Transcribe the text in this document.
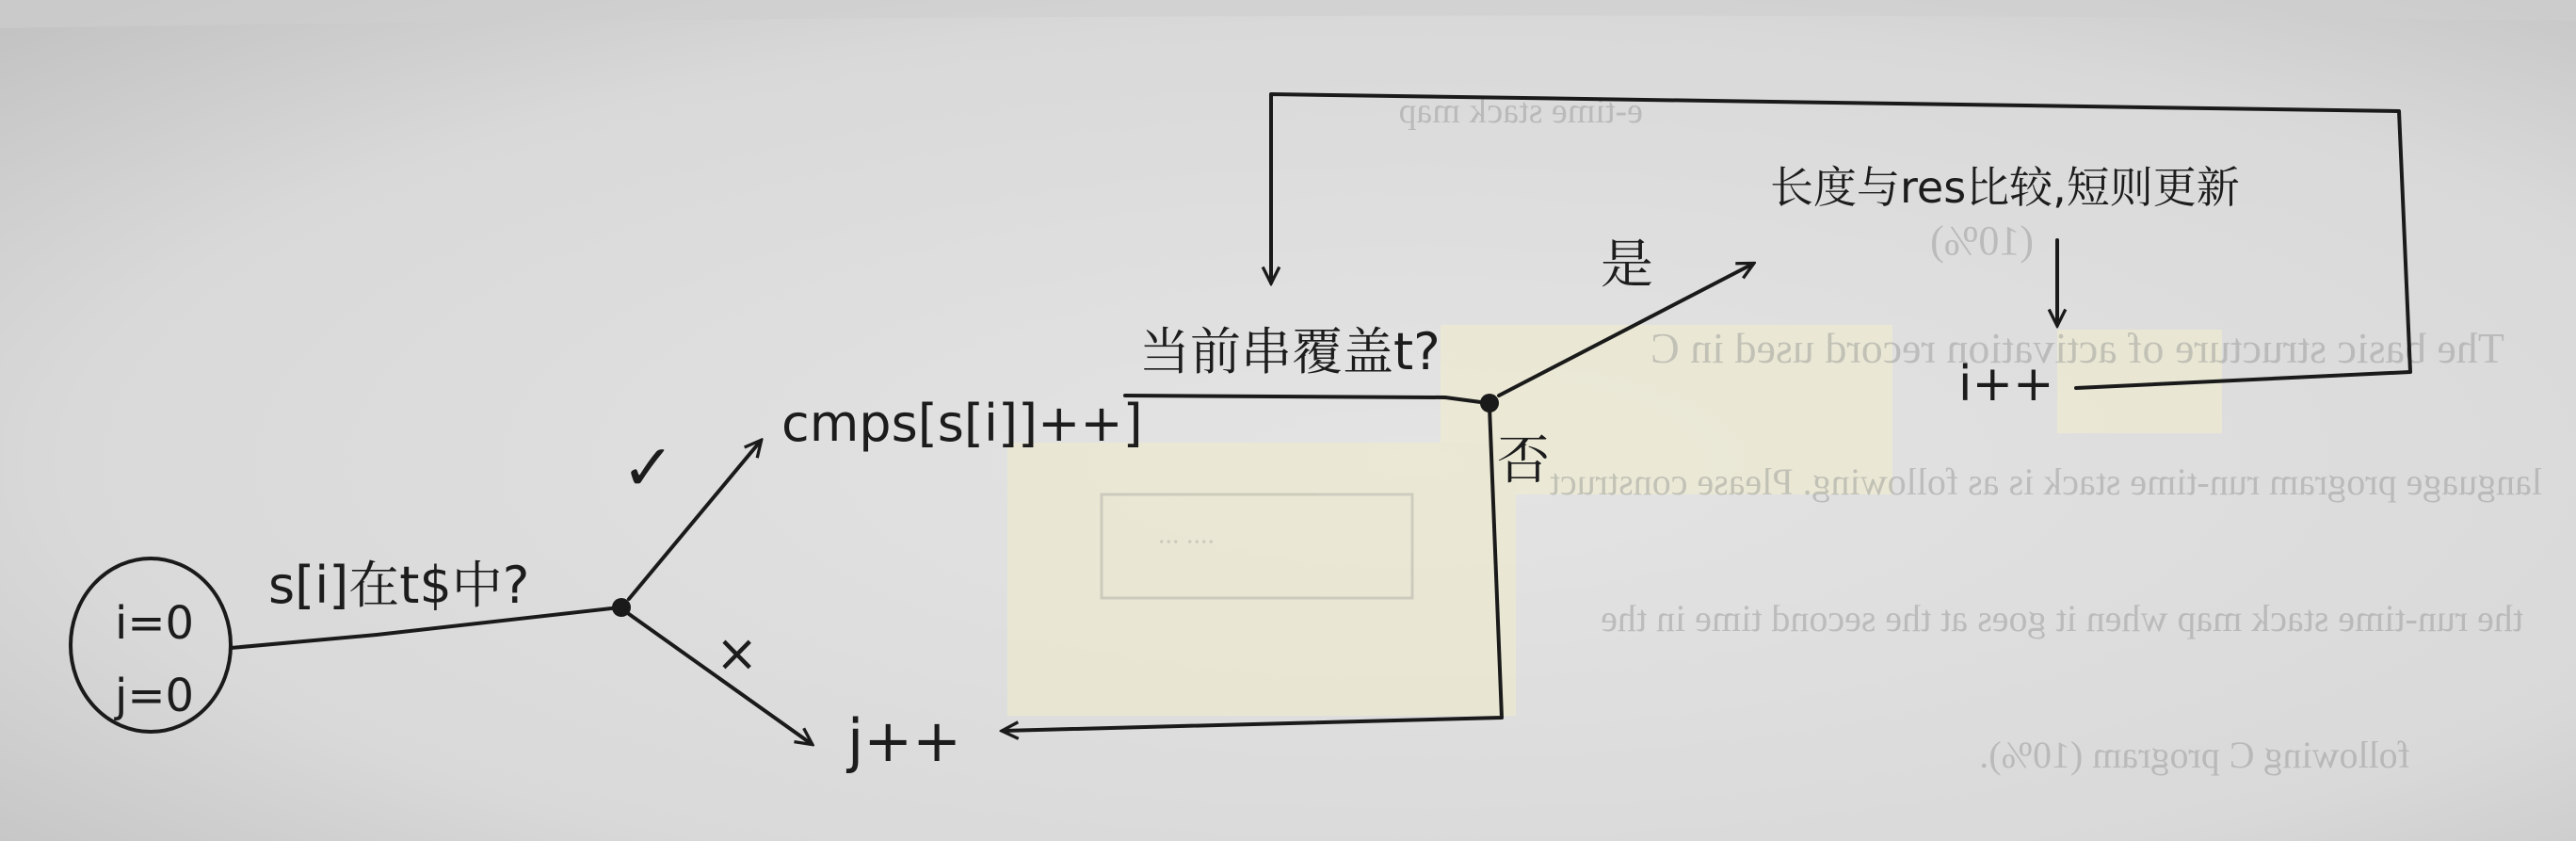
∙∙∙ ∙∙∙∙
e-time stack map
(10%)
The basic structure of activation record used in C
language program run-time stack is as following. Please construct
the run-time stack map when it goes at the second time in the
following C program (10%).
i=0
j=0
s[i]在t$中?
✓
×
j++
cmps[s[i]]++]
当前串覆盖t?
是
长度与res比较,短则更新
i++
否
